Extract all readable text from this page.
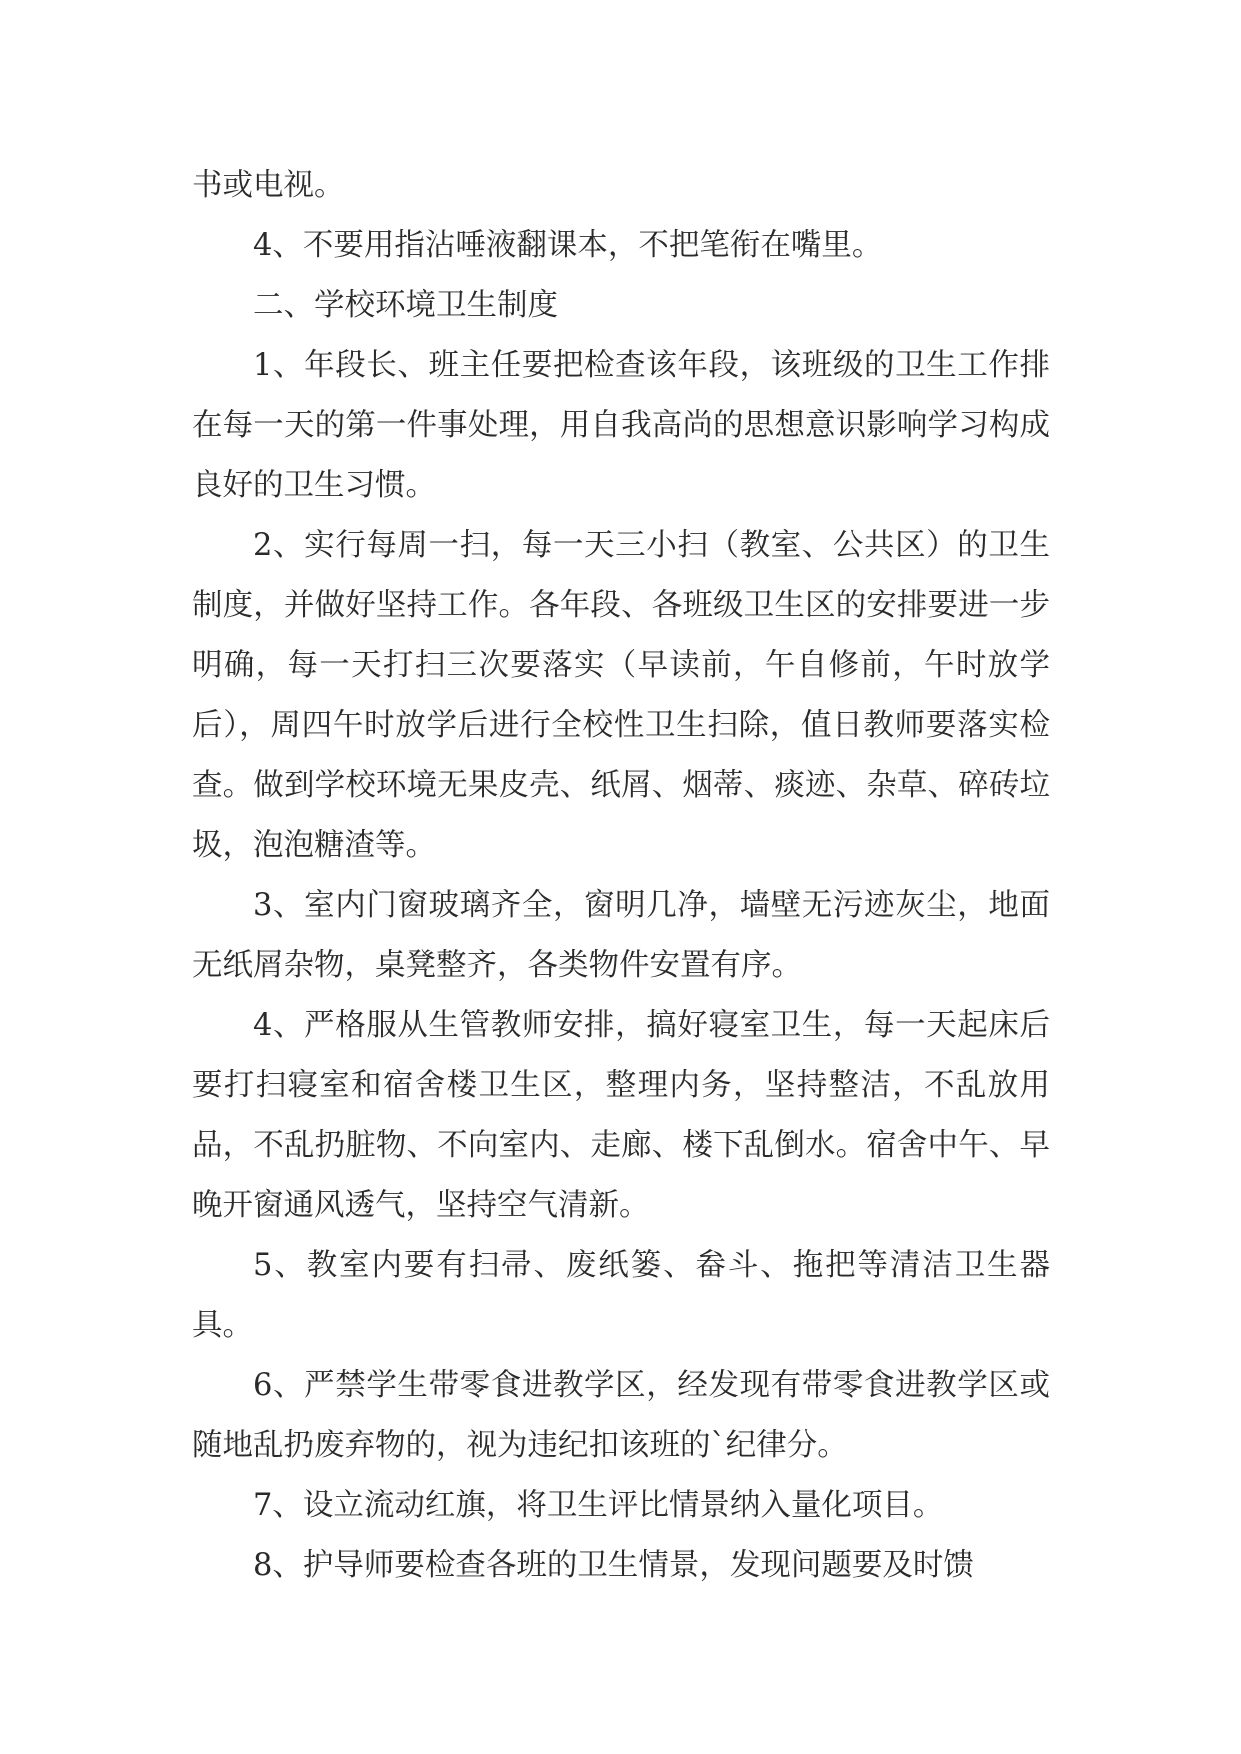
书或电视。

4、不要用指沾唾液翻课本，不把笔衔在嘴里。

二、学校环境卫生制度

1、年段长、班主任要把检查该年段，该班级的卫生工作排在每一天的第一件事处理，用自我高尚的思想意识影响学习构成良好的卫生习惯。

2、实行每周一扫，每一天三小扫（教室、公共区）的卫生制度，并做好坚持工作。各年段、各班级卫生区的安排要进一步明确，每一天打扫三次要落实（早读前，午自修前，午时放学后），周四午时放学后进行全校性卫生扫除，值日教师要落实检查。做到学校环境无果皮壳、纸屑、烟蒂、痰迹、杂草、碎砖垃圾，泡泡糖渣等。

3、室内门窗玻璃齐全，窗明几净，墙壁无污迹灰尘，地面无纸屑杂物，桌凳整齐，各类物件安置有序。

4、严格服从生管教师安排，搞好寝室卫生，每一天起床后要打扫寝室和宿舍楼卫生区，整理内务，坚持整洁，不乱放用品，不乱扔脏物、不向室内、走廊、楼下乱倒水。宿舍中午、早晚开窗通风透气，坚持空气清新。

5、教室内要有扫帚、废纸篓、畚斗、拖把等清洁卫生器具。

6、严禁学生带零食进教学区，经发现有带零食进教学区或随地乱扔废弃物的，视为违纪扣该班的`纪律分。

7、设立流动红旗，将卫生评比情景纳入量化项目。

8、护导师要检查各班的卫生情景，发现问题要及时馈
